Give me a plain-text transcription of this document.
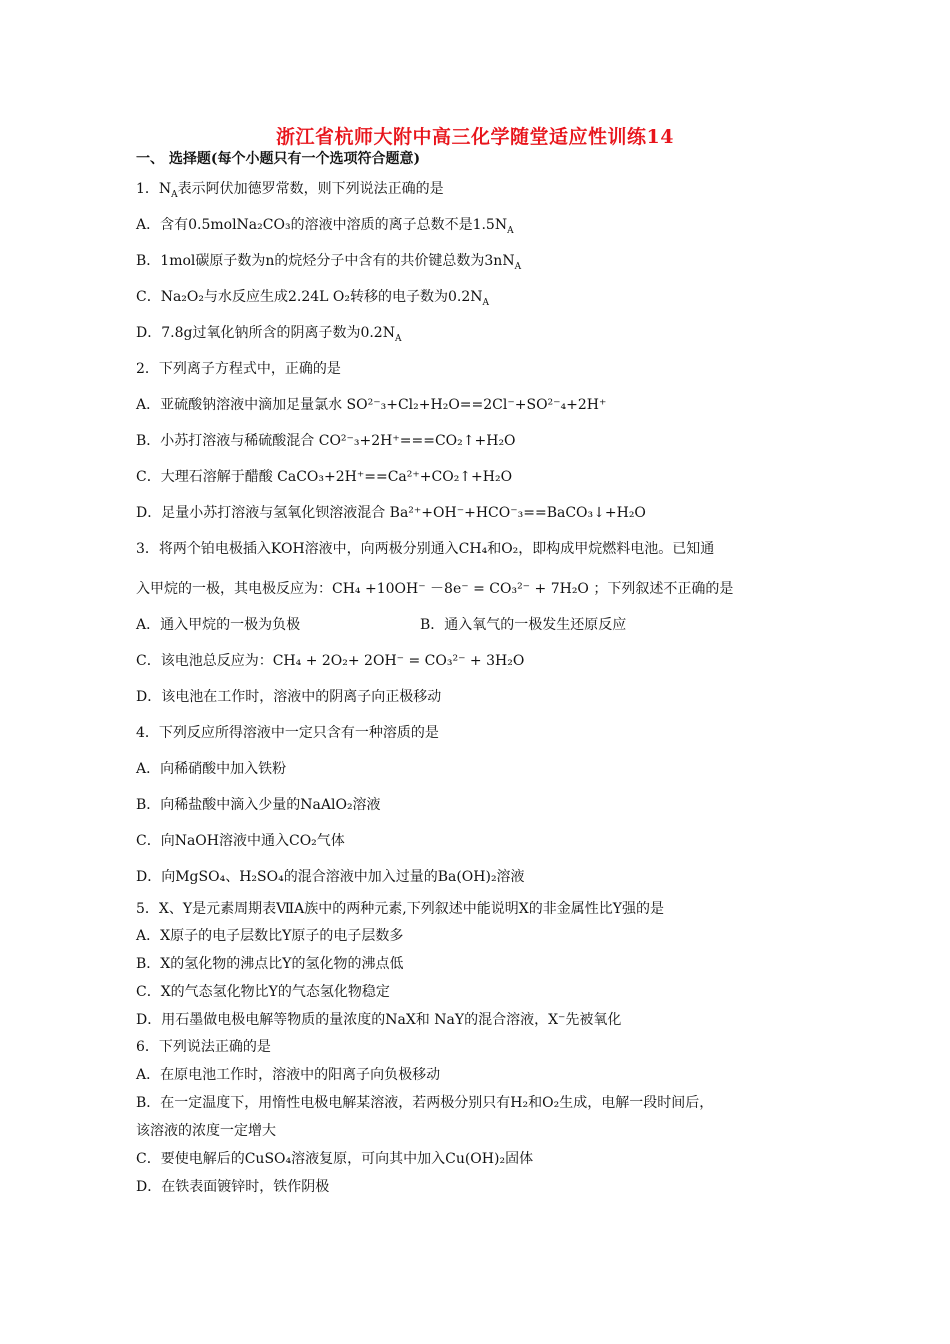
浙江省杭师大附中高三化学随堂适应性训练14
一、 选择题(每个小题只有一个选项符合题意)
1．$N_A$表示阿伏加德罗常数，则下列说法正确的是
A．含有0.5molNa₂CO₃的溶液中溶质的离子总数不是$1.5N_A$
B．1mol碳原子数为n的烷烃分子中含有的共价键总数为$3nN_A$
C．Na₂O₂与水反应生成2.24L O₂转移的电子数为$0.2N_A$
D．7.8g过氧化钠所含的阴离子数为$0.2N_A$
2．下列离子方程式中，正确的是
A．亚硫酸钠溶液中滴加足量氯水 SO²⁻₃+Cl₂+H₂O==2Cl⁻+SO²⁻₄+2H⁺
B．小苏打溶液与稀硫酸混合 CO²⁻₃+2H⁺===CO₂↑+H₂O
C．大理石溶解于醋酸 CaCO₃+2H⁺==Ca²⁺+CO₂↑+H₂O
D．足量小苏打溶液与氢氧化钡溶液混合 Ba²⁺+OH⁻+HCO⁻₃==BaCO₃↓+H₂O
3．将两个铂电极插入KOH溶液中，向两极分别通入CH₄和O₂，即构成甲烷燃料电池。已知通
入甲烷的一极，其电极反应为：CH₄ +10OH⁻ －8e⁻ = CO₃²⁻ + 7H₂O ；下列叙述不正确的是
A．通入甲烷的一极为负极	B．通入氧气的一极发生还原反应
C．该电池总反应为：CH₄ + 2O₂+ 2OH⁻ = CO₃²⁻ + 3H₂O
D．该电池在工作时，溶液中的阴离子向正极移动
4．下列反应所得溶液中一定只含有一种溶质的是
A．向稀硝酸中加入铁粉
B．向稀盐酸中滴入少量的NaAlO₂溶液
C．向NaOH溶液中通入CO₂气体
D．向MgSO₄、H₂SO₄的混合溶液中加入过量的Ba(OH)₂溶液
5．X、Y是元素周期表ⅦA族中的两种元素,下列叙述中能说明X的非金属性比Y强的是
A．X原子的电子层数比Y原子的电子层数多
B．X的氢化物的沸点比Y的氢化物的沸点低
C．X的气态氢化物比Y的气态氢化物稳定
D．用石墨做电极电解等物质的量浓度的NaX和 NaY的混合溶液，X⁻先被氧化
6．下列说法正确的是
A．在原电池工作时，溶液中的阳离子向负极移动
B．在一定温度下，用惰性电极电解某溶液，若两极分别只有H₂和O₂生成，电解一段时间后，
该溶液的浓度一定增大
C．要使电解后的CuSO₄溶液复原，可向其中加入Cu(OH)₂固体
D．在铁表面镀锌时，铁作阴极
